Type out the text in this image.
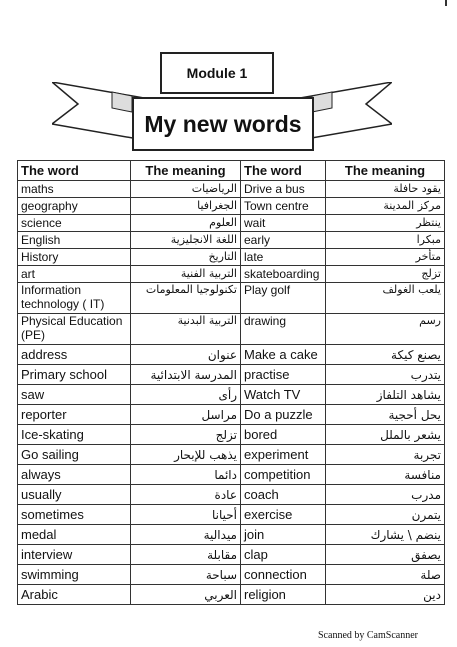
Module 1
My new words
The word	The meaning	The word	The meaning
maths	الرياضيات	Drive a bus	يقود حافلة
geography	الجغرافيا	Town centre	مركز المدينة
science	العلوم	wait	ينتظر
English	اللغة الانجليزية	early	مبكرا
History	التاريخ	late	متأخر
art	التربية الفنية	skateboarding	تزلج
Information technology ( IT)	تكنولوجيا المعلومات	Play golf	يلعب الغولف
Physical Education (PE)	التربية البدنية	drawing	رسم
address	عنوان	Make a cake	يصنع كيكة
Primary school	المدرسة الابتدائية	practise	يتدرب
saw	رأى	Watch TV	يشاهد التلفاز
reporter	مراسل	Do a puzzle	يحل أحجية
Ice-skating	تزلج	bored	يشعر بالملل
Go sailing	يذهب للإبحار	experiment	تجربة
always	دائما	competition	منافسة
usually	عادة	coach	مدرب
sometimes	أحيانا	exercise	يتمرن
medal	ميدالية	join	ينضم \ يشارك
interview	مقابلة	clap	يصفق
swimming	سباحة	connection	صلة
Arabic	العربي	religion	دين
Scanned by CamScanner
